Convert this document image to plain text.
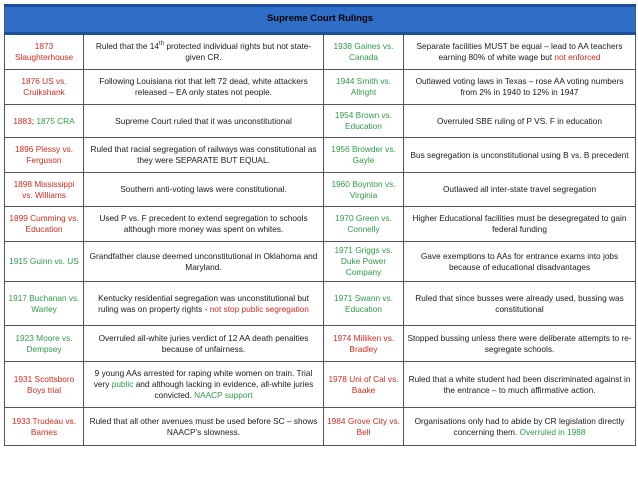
Supreme Court Rulings			
1873 Slaughterhouse	Ruled that the 14th protected individual rights but not state-given CR.	1938 Gaines vs. Canada	Separate facilities MUST be equal – lead to AA teachers earning 80% of white wage but not enforced
1876 US vs. Cruikshank	Following Louisiana riot that left 72 dead, white attackers released – EA only states not people.	1944 Smith vs. Allright	Outlawed voting laws in Texas – rose AA voting numbers from 2% in 1940 to 12% in 1947
1883; 1875 CRA	Supreme Court ruled that it was unconstitutional	1954 Brown vs. Education	Overruled SBE ruling of P VS. F in education
1896 Plessy vs. Ferguson	Ruled that racial segregation of railways was constitutional as they were SEPARATE BUT EQUAL.	1956 Browder vs. Gayle	Bus segregation is unconstitutional using B vs. B precedent
1898 Mississippi vs. Williams	Southern anti-voting laws were constitutional.	1960 Boynton vs. Virginia	Outlawed all inter-state travel segregation
1899 Cumming vs. Education	Used P vs. F precedent to extend segregation to schools although more money was spent on whites.	1970 Green vs. Connelly	Higher Educational facilities must be desegregated to gain federal funding
1915 Guinn vs. US	Grandfather clause deemed unconstitutional in Oklahoma and Maryland.	1971 Griggs vs. Duke Power Company	Gave exemptions to AAs for entrance exams into jobs because of educational disadvantages
1917 Buchanan vs. Warley	Kentucky residential segregation was unconstitutional but ruling was on property rights - not stop public segregation	1971 Swann vs. Education	Ruled that since busses were already used, bussing was constitutional
1923 Moore vs. Dempsey	Overruled all-white juries verdict of 12 AA death penalties because of unfairness.	1974 Milliken vs. Bradley	Stopped bussing unless there were deliberate attempts to re-segregate schools.
1931 Scottsboro Boys trial	9 young AAs arrested for raping white women on train. Trial very public and although lacking in evidence, all-white juries convicted. NAACP support	1978 Uni of Cal vs. Baake	Ruled that a white student had been discriminated against in the entrance – to much affirmative action.
1933 Trudeau vs. Barnes	Ruled that all other avenues must be used before SC – shows NAACP’s slowness.	1984 Grove City vs. Bell	Organisations only had to abide by CR legislation directly concerning them. Overruled in 1988
